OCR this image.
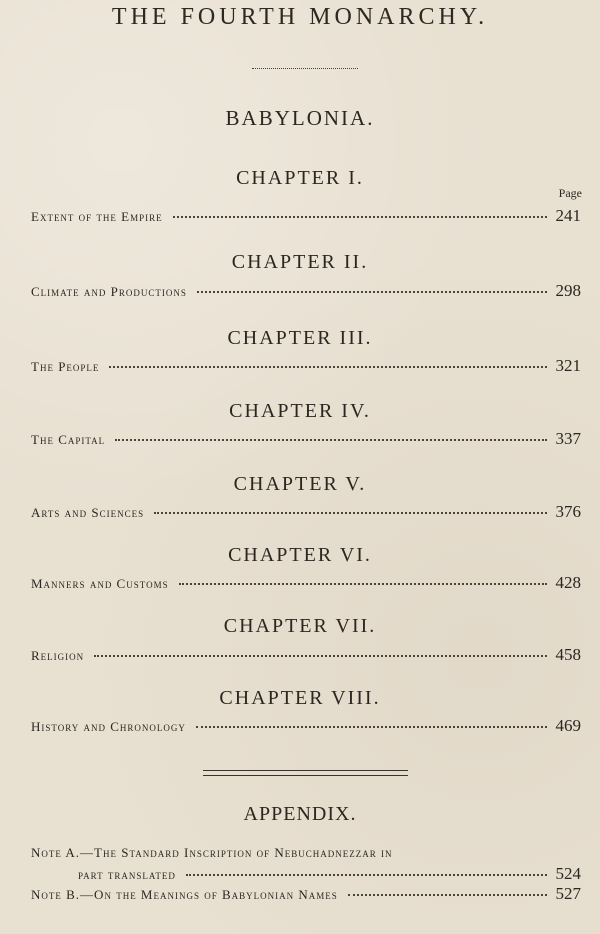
THE FOURTH MONARCHY.
BABYLONIA.
Page
CHAPTER I.
Extent of the Empire	241
CHAPTER II.
Climate and Productions	298
CHAPTER III.
The People	321
CHAPTER IV.
The Capital	337
CHAPTER V.
Arts and Sciences	376
CHAPTER VI.
Manners and Customs	428
CHAPTER VII.
Religion	458
CHAPTER VIII.
History and Chronology	469
APPENDIX.
Note A.—The Standard Inscription of Nebuchadnezzar in
part translated	524
Note B.—On the Meanings of Babylonian Names	527
